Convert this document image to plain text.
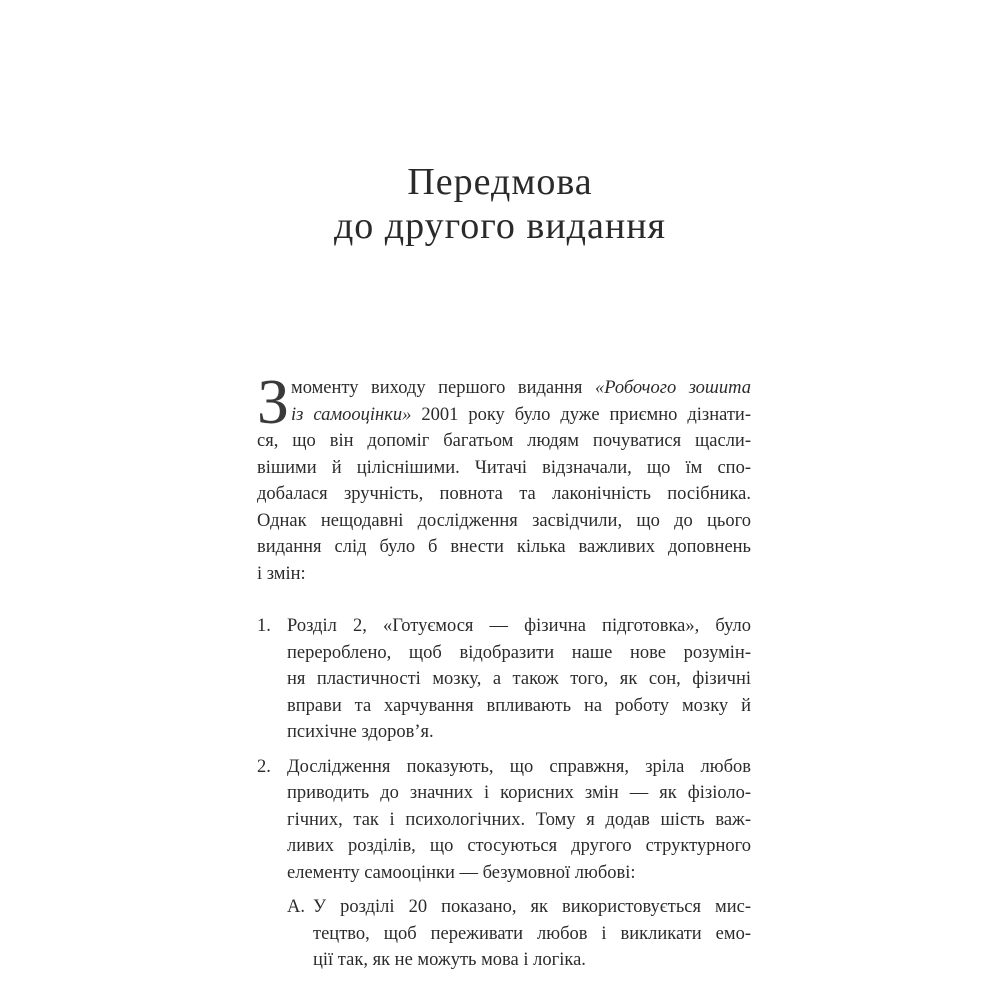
Передмова
до другого видання
З моменту виходу першого видання «Робочого зошита
із самооцінки» 2001 року було дуже приємно дізнати-
ся, що він допоміг багатьом людям почуватися щасли-
вішими й ціліснішими. Читачі відзначали, що їм спо-
добалася зручність, повнота та лаконічність посібника.
Однак нещодавні дослідження засвідчили, що до цього
видання слід було б внести кілька важливих доповнень
і змін:
1. Розділ 2, «Готуємося — фізична підготовка», було
перероблено, щоб відобразити наше нове розумін-
ня пластичності мозку, а також того, як сон, фізичні
вправи та харчування впливають на роботу мозку й
психічне здоров’я.
2. Дослідження показують, що справжня, зріла любов
приводить до значних і корисних змін — як фізіоло-
гічних, так і психологічних. Тому я додав шість важ-
ливих розділів, що стосуються другого структурного
елементу самооцінки — безумовної любові:
А. У розділі 20 показано, як використовується мис-
тецтво, щоб переживати любов і викликати емо-
ції так, як не можуть мова і логіка.
